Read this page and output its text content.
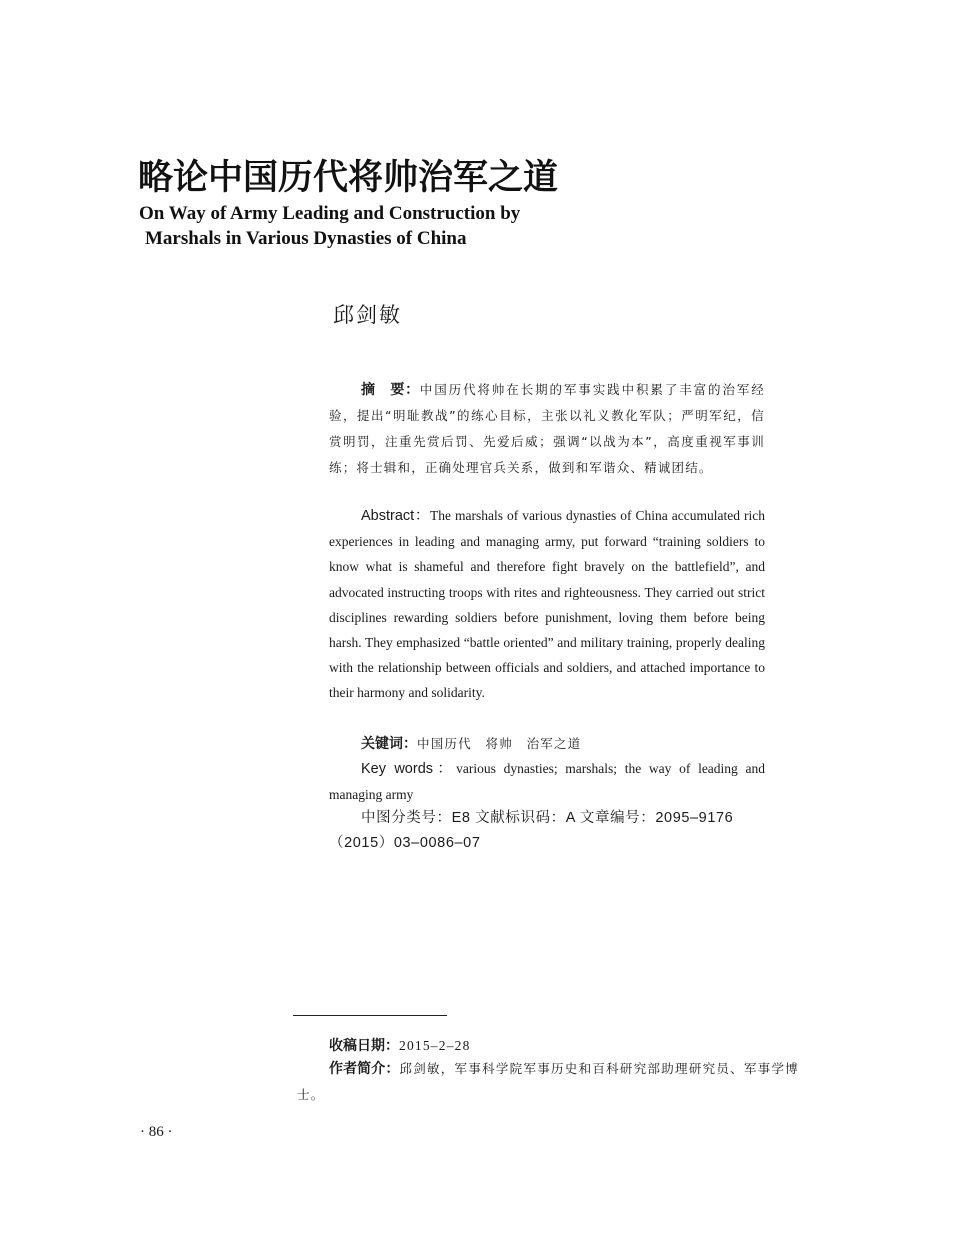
略论中国历代将帅治军之道
On Way of Army Leading and Construction by
Marshals in Various Dynasties of China
邱剑敏
摘　要：中国历代将帅在长期的军事实践中积累了丰富的治军经验，提出“明耻教战”的练心目标，主张以礼义教化军队；严明军纪，信赏明罚，注重先赏后罚、先爱后威；强调“以战为本”，高度重视军事训练；将士辑和，正确处理官兵关系，做到和军谐众、精诚团结。
Abstract：The marshals of various dynasties of China accumulated rich experiences in leading and managing army, put forward “training soldiers to know what is shameful and therefore fight bravely on the battlefield”, and advocated instructing troops with rites and righteousness. They carried out strict disciplines rewarding soldiers before punishment, loving them before being harsh. They emphasized “battle oriented” and military training, properly dealing with the relationship between officials and soldiers, and attached importance to their harmony and solidarity.
关键词：中国历代　将帅　治军之道
Key words：various dynasties; marshals; the way of leading and managing army
中图分类号：E8 文献标识码：A 文章编号：2095–9176
（2015）03–0086–07
收稿日期：2015–2–28
作者简介：邱剑敏，军事科学院军事历史和百科研究部助理研究员、军事学博士。
· 86 ·
